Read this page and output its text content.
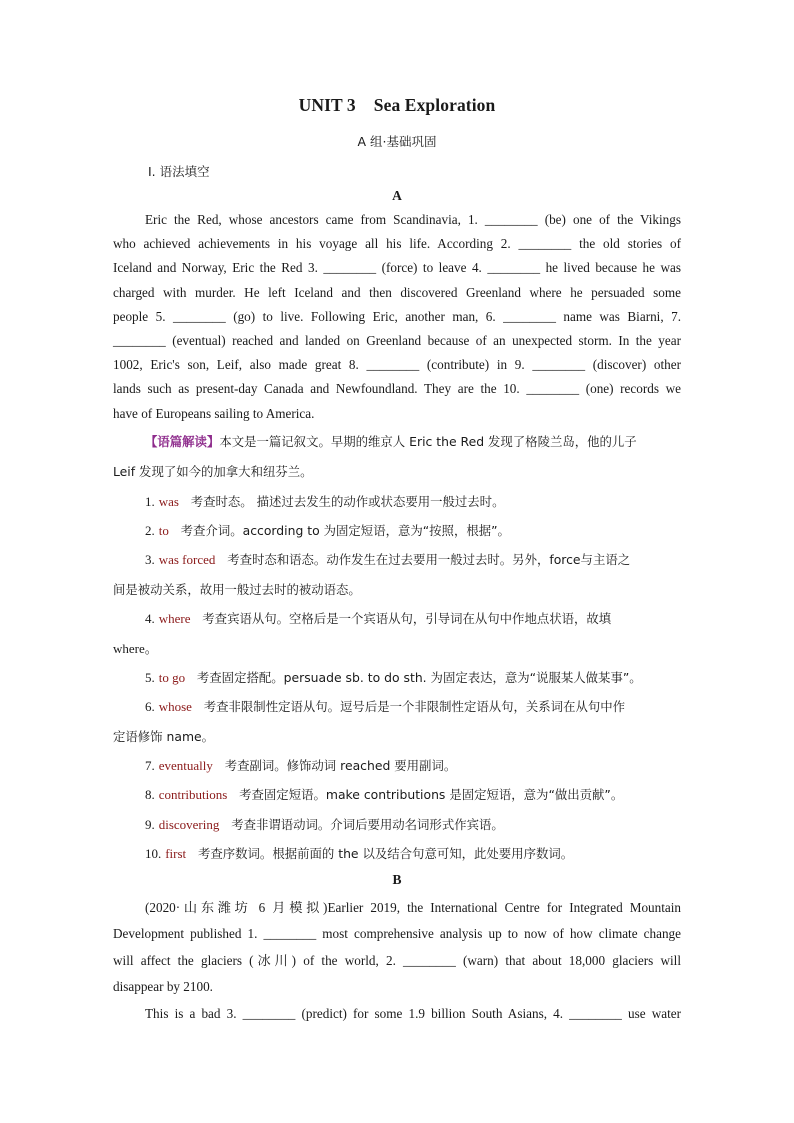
UNIT 3 Sea Exploration
A 组·基础巩固
Ⅰ. 语法填空
A
Eric the Red, whose ancestors came from Scandinavia, 1. ________ (be) one of the Vikings
who achieved achievements in his voyage all his life. According 2. ________ the old stories of
Iceland and Norway, Eric the Red 3. ________ (force) to leave 4. ________ he lived because he was
charged with murder. He left Iceland and then discovered Greenland where he persuaded some
people 5. ________ (go) to live. Following Eric, another man, 6. ________ name was Biarni, 7.
________ (eventual) reached and landed on Greenland because of an unexpected storm. In the year
1002, Eric's son, Leif, also made great 8. ________ (contribute) in 9. ________ (discover) other
lands such as present-day Canada and Newfoundland. They are the 10. ________ (one) records we
have of Europeans sailing to America.
【语篇解读】本文是一篇记叙文。早期的维京人 Eric the Red 发现了格陵兰岛，他的儿子
Leif 发现了如今的加拿大和纽芬兰。
1. was 考查时态。 描述过去发生的动作或状态要用一般过去时。
2. to 考查介词。according to 为固定短语，意为“按照，根据”。
3. was forced 考查时态和语态。动作发生在过去要用一般过去时。另外，force与主语之
间是被动关系，故用一般过去时的被动语态。
4. where 考查宾语从句。空格后是一个宾语从句，引导词在从句中作地点状语，故填
where。
5. to go 考查固定搭配。persuade sb. to do sth. 为固定表达，意为“说服某人做某事”。
6. whose 考查非限制性定语从句。逗号后是一个非限制性定语从句，关系词在从句中作
定语修饰 name。
7. eventually 考查副词。修饰动词 reached 要用副词。
8. contributions 考查固定短语。make contributions 是固定短语，意为“做出贡献”。
9. discovering 考查非谓语动词。介词后要用动名词形式作宾语。
10. first 考查序数词。根据前面的 the 以及结合句意可知，此处要用序数词。
B
(2020·山东潍坊 6 月模拟)Earlier 2019, the International Centre for Integrated Mountain
Development published 1. ________ most comprehensive analysis up to now of how climate change
will affect the glaciers (冰川) of the world, 2. ________ (warn) that about 18,000 glaciers will
disappear by 2100.
This is a bad 3. ________ (predict) for some 1.9 billion South Asians, 4. ________ use water
